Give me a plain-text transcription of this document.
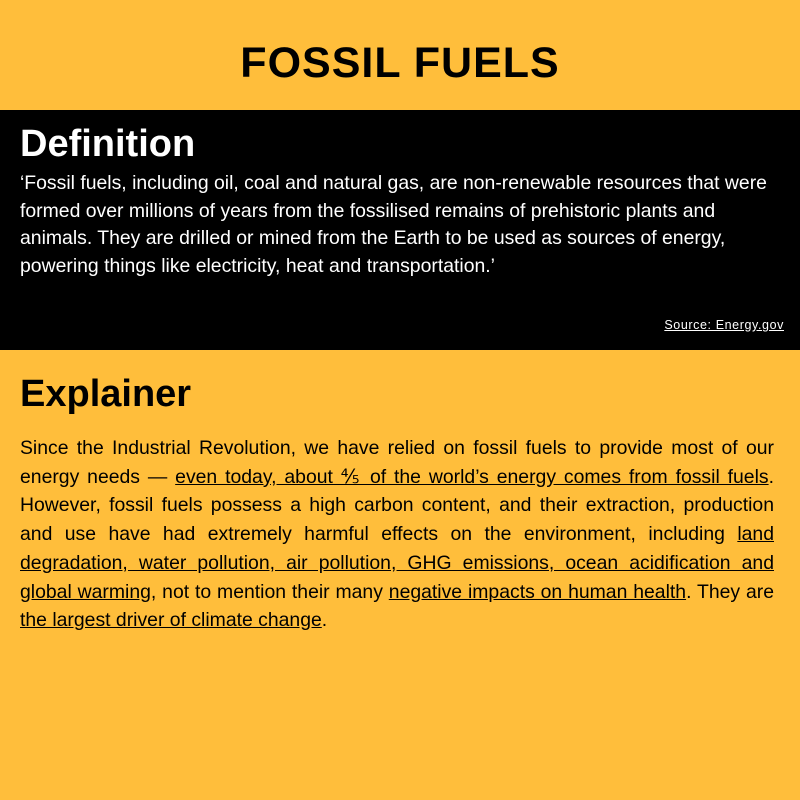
FOSSIL FUELS
Definition
‘Fossil fuels, including oil, coal and natural gas, are non-renewable resources that were formed over millions of years from the fossilised remains of prehistoric plants and animals. They are drilled or mined from the Earth to be used as sources of energy, powering things like electricity, heat and transportation.’
Source: Energy.gov
Explainer

Since the Industrial Revolution, we have relied on fossil fuels to provide most of our energy needs — even today, about ⅘ of the world’s energy comes from fossil fuels. However, fossil fuels possess a high carbon content, and their extraction, production and use have had extremely harmful effects on the environment, including land degradation, water pollution, air pollution, GHG emissions, ocean acidification and global warming, not to mention their many negative impacts on human health. They are the largest driver of climate change.
